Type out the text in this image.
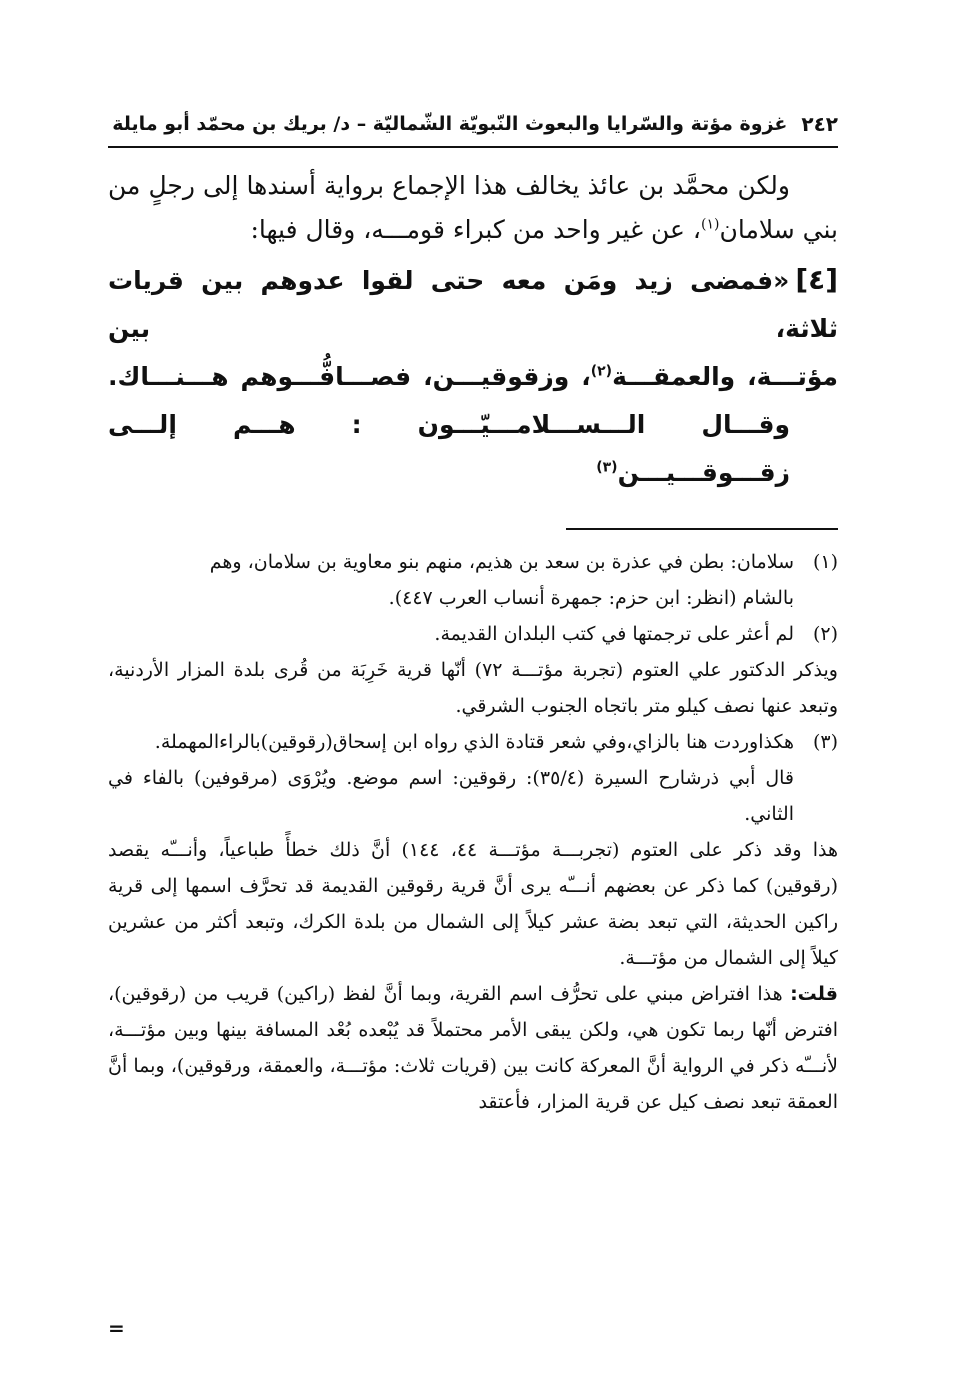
٢٤٢
غزوة مؤتة والسّرايا والبعوث النّبويّة الشّماليّة – د/ بريك بن محمّد أبو مايلة

ولكن محمَّد بن عائذ يخالف هذا الإجماع برواية أسندها إلى رجلٍ من بني سلامان$^{(١)}$، عن غير واحد من كبراء قومـــه، وقال فيها:

[٤]«فمضى زيد ومَن معه حتى لقوا عدوهم بين قريات ثلاثة، بين
مؤتـــة، والعمقـــة$^{(٢)}$، وزقوقيـــن، فصـــافُّـــوهم هـــنـــاك.
وقـــال الـــســـلامـــيّـــون : هـــم إلـــى زقـــوقـــيـــن$^{(٣)}$

(١)سلامان: بطن في عذرة بن سعد بن هذيم، منهم بنو معاوية بن سلامان، وهم

بالشام (انظر: ابن حزم: جمهرة أنساب العرب ٤٤٧).

(٢)لم أعثر على ترجمتها في كتب البلدان القديمة.

ويذكر الدكتور علي العتوم (تجربة مؤتـــة ٧٢) أنّها قرية خَرِبَة من قُرى بلدة المزار الأردنية، وتبعد عنها نصف كيلو متر باتجاه الجنوب الشرقي.

(٣)هكذاوردت هنا بالزاي،وفي شعر قتادة الذي رواه ابن إسحاق(رقوقين)بالراءالمهملة.

قال أبي ذرشارح السيرة (٣٥/٤): رقوقين: اسم موضع. ويُرْوَى (مرقوفين) بالفاء في الثاني.

هذا وقد ذكر على العتوم (تجربـــة مؤتـــة ٤٤، ١٤٤) أنَّ ذلك خطأً طباعياً، وأنـــّه يقصد (رقوقين) كما ذكر عن بعضهم أنـــّه يرى أنَّ قرية رقوقين القديمة قد تحرَّف اسمها إلى قرية راكين الحديثة، التي تبعد بضة عشر كيلاً إلى الشمال من بلدة الكرك، وتبعد أكثر من عشرين كيلاً إلى الشمال من مؤتـــة.

قلت: هذا افتراض مبني على تحرُّف اسم القرية، وبما أنَّ لفظ (راكين) قريب من (رقوقين)، افترض أنّها ربما تكون هي، ولكن يبقى الأمر محتملاً قد يُبْعده بُعْد المسافة بينها وبين مؤتـــة، لأنـــّه ذكر في الرواية أنَّ المعركة كانت بين (قريات ثلاث: مؤتـــة، والعمقة، ورقوقين)، وبما أنَّ العمقة تبعد نصف كيل عن قرية المزار، فأعتقد

=
